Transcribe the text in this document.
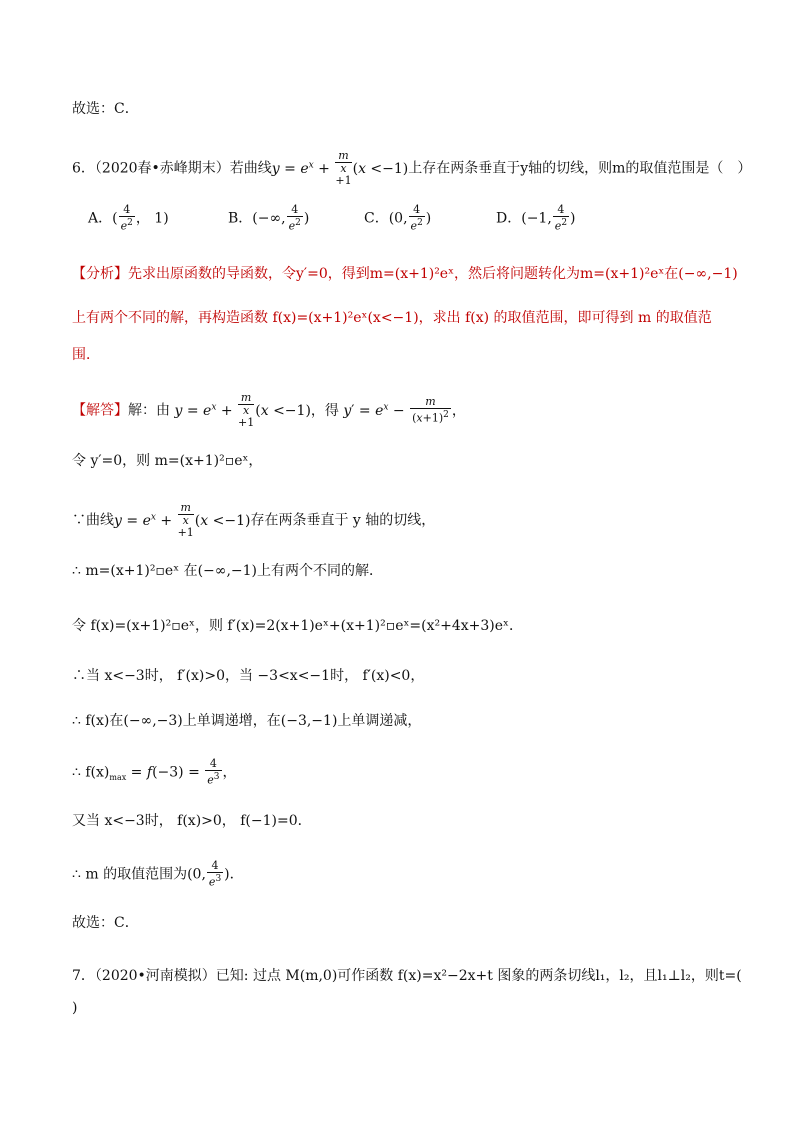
故选：C．
6．（2020春•赤峰期末）若曲线$y = e^x$ +
m
x
+1(x <−1)上存在两条垂直于y轴的切线，则m的取值范围是（　）
A．( $\frac{4}{e^2}$ ， 1)	B．(−∞, $\frac{4}{e^2}$ )	C．(0, $\frac{4}{e^2}$ )	D．(−1, $\frac{4}{e^2}$ )
【分析】先求出原函数的导函数，令y′=0，得到m=(x+1)²eˣ，然后将问题转化为m=(x+1)²eˣ在(−∞,−1)
上有两个不同的解，再构造函数 f(x)=(x+1)²eˣ(x<−1)，求出 f(x) 的取值范围，即可得到 m 的取值范
围．
【解答】解：由 $y = e^x$ +
m
x
+1(x <−1)，得 $y' = e^x - \frac{m}{(x+1)^2}$ ，
令 y′=0，则 m=(x+1)²▫eˣ，
∵曲线$y = e^x$ +
m
x
+1(x <−1)存在两条垂直于 y 轴的切线，
∴ m=(x+1)²▫eˣ 在(−∞,−1)上有两个不同的解．
令 f(x)=(x+1)²▫eˣ，则 f′(x)=2(x+1)eˣ+(x+1)²▫eˣ=(x²+4x+3)eˣ．
∴当 x<−3时， f′(x)>0，当 −3<x<−1时， f′(x)<0，
∴ f(x)在(−∞,−3)上单调递增，在(−3,−1)上单调递减，
∴ $f(x)_{max} = f(-3) = \frac{4}{e^3}$ ，
又当 x<−3时， f(x)>0， f(−1)=0．
∴ m 的取值范围为(0, $\frac{4}{e^3}$ )．
故选：C．
7．（2020•河南模拟）已知: 过点 M(m,0)可作函数 f(x)=x²−2x+t 图象的两条切线l₁，l₂，且l₁⊥l₂，则t=(
)
